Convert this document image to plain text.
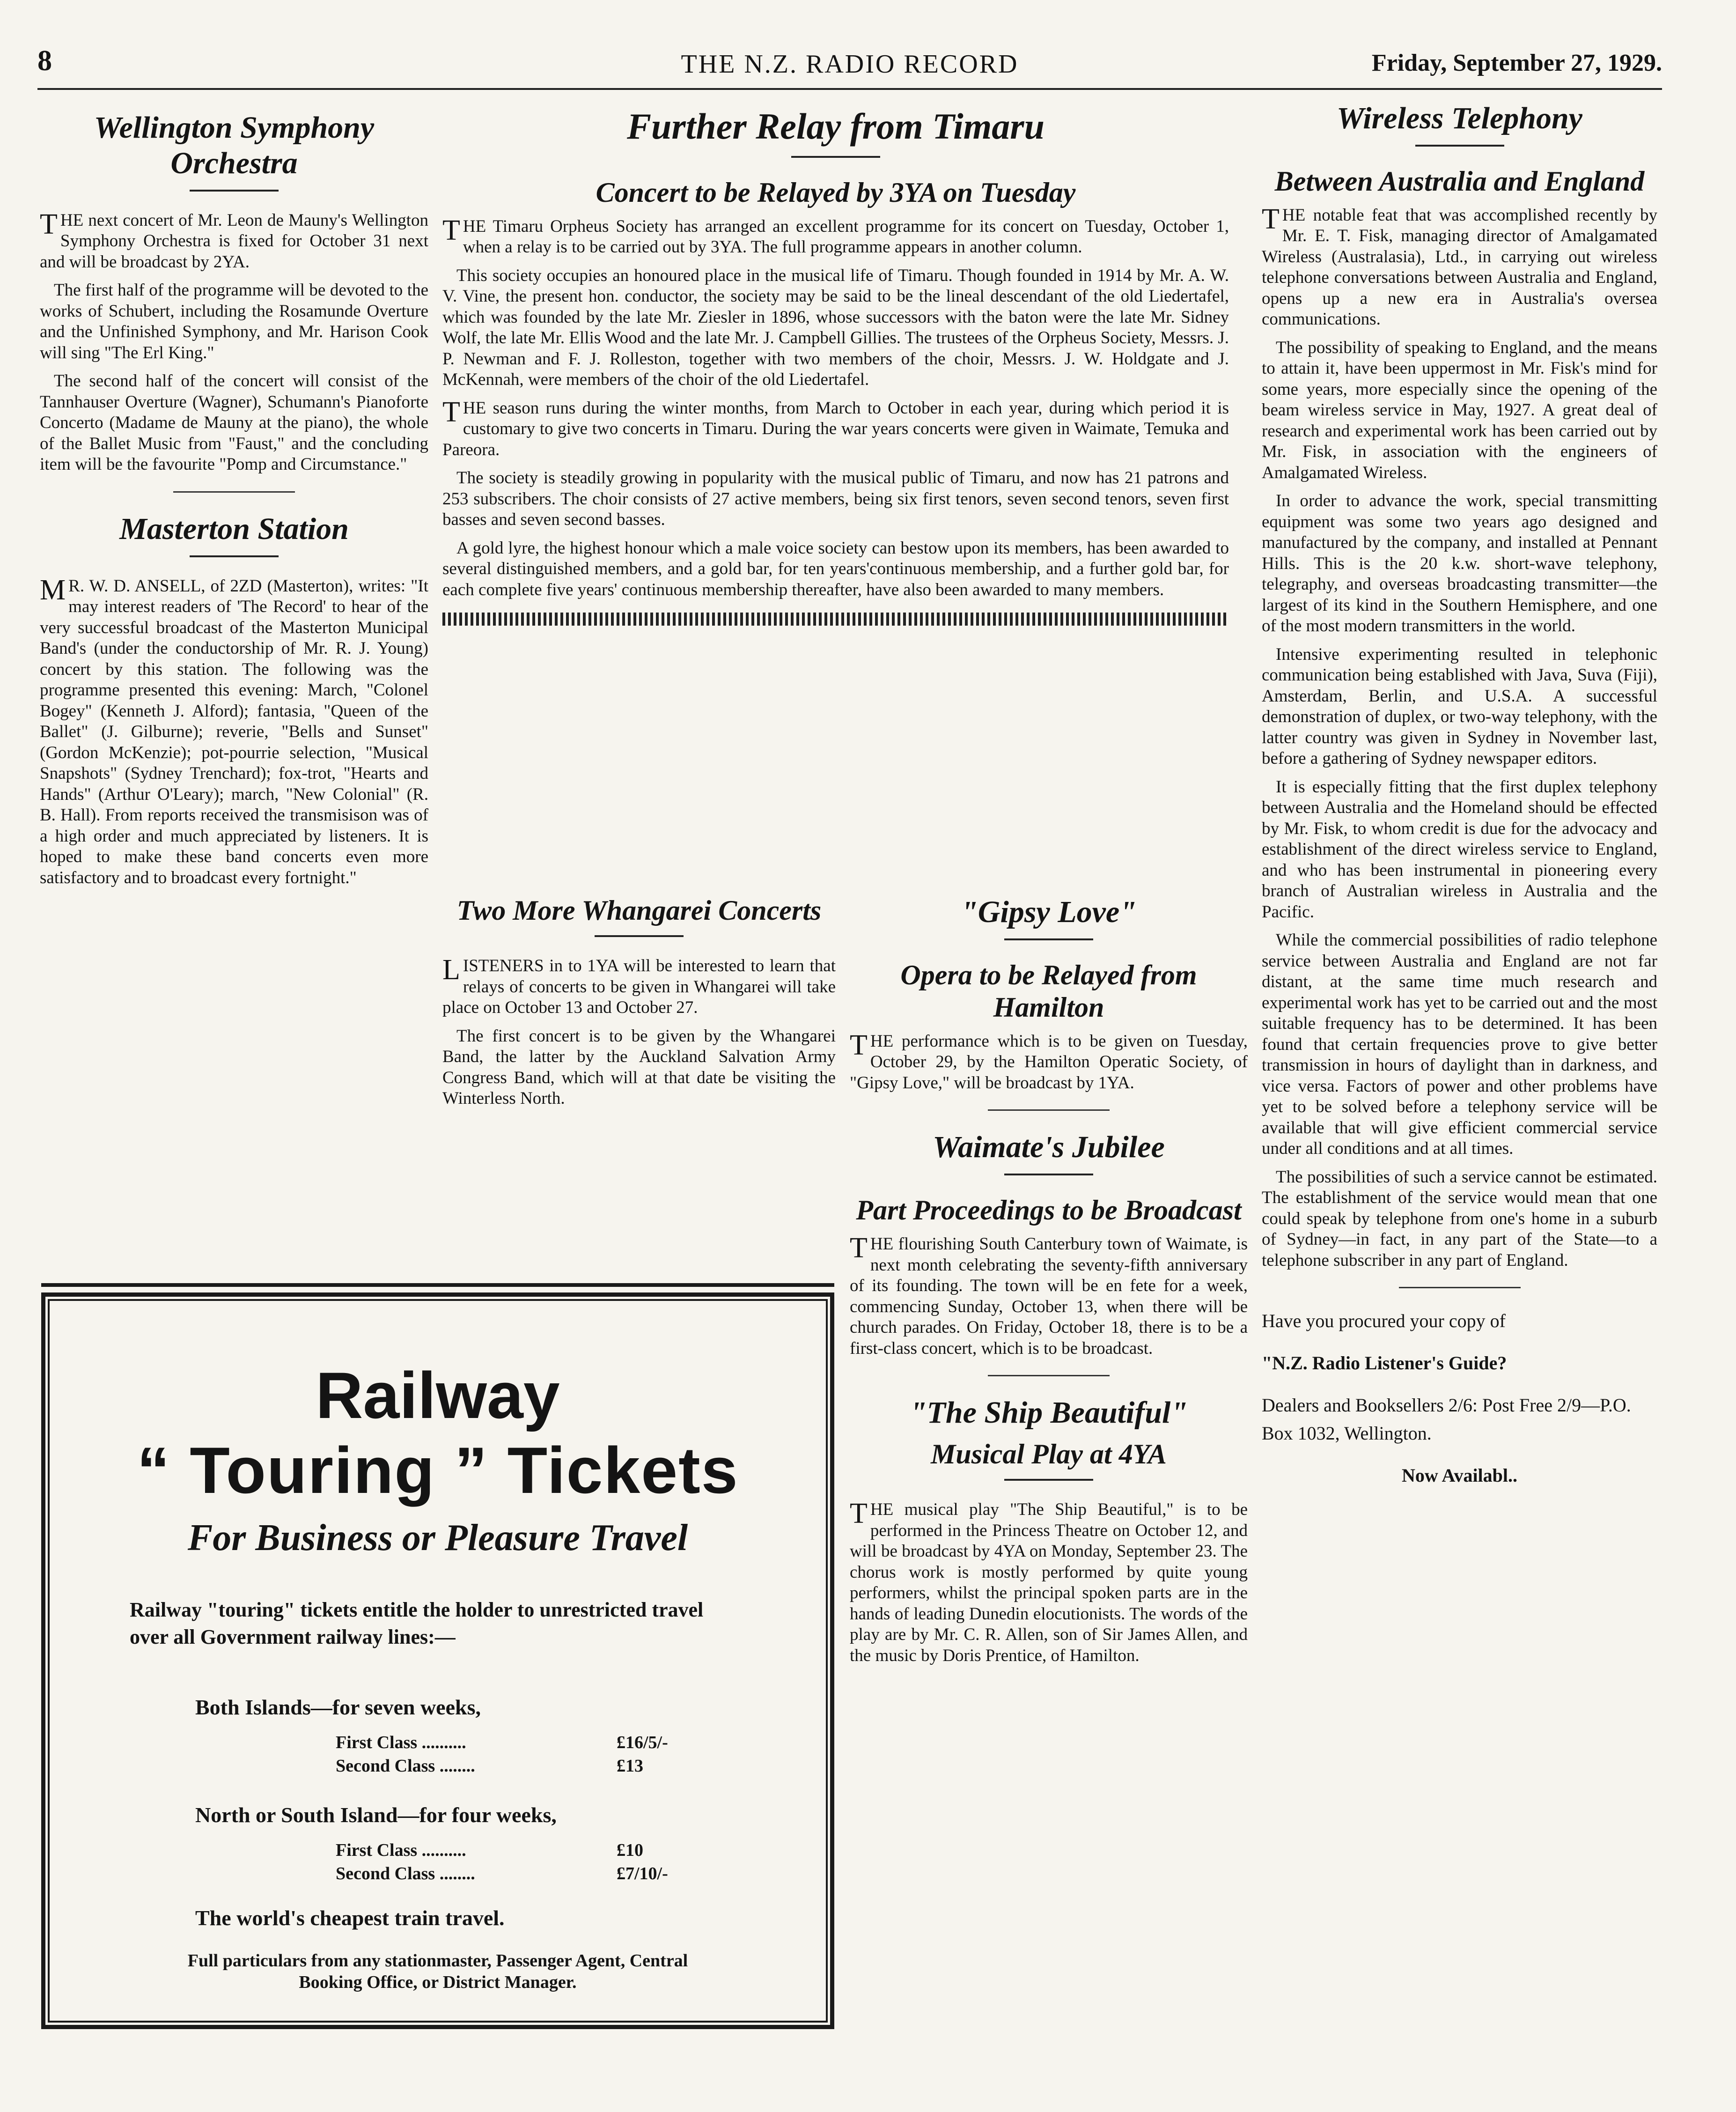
8	THE N.Z. RADIO RECORD	Friday, September 27, 1929.
Wellington Symphony Orchestra

THE next concert of Mr. Leon de Mauny's Wellington Symphony Orchestra is fixed for October 31 next and will be broadcast by 2YA.

The first half of the programme will be devoted to the works of Schubert, including the Rosamunde Overture and the Unfinished Symphony, and Mr. Harison Cook will sing "The Erl King."

The second half of the concert will consist of the Tannhauser Overture (Wagner), Schumann's Pianoforte Concerto (Madame de Mauny at the piano), the whole of the Ballet Music from "Faust," and the concluding item will be the favourite "Pomp and Circumstance."

Masterton Station

MR. W. D. ANSELL, of 2ZD (Masterton), writes: "It may interest readers of 'The Record' to hear of the very successful broadcast of the Masterton Municipal Band's (under the conductorship of Mr. R. J. Young) concert by this station. The following was the programme presented this evening: March, "Colonel Bogey" (Kenneth J. Alford); fantasia, "Queen of the Ballet" (J. Gilburne); reverie, "Bells and Sunset" (Gordon McKenzie); pot-pourrie selection, "Musical Snapshots" (Sydney Trenchard); fox-trot, "Hearts and Hands" (Arthur O'Leary); march, "New Colonial" (R. B. Hall). From reports received the transmisison was of a high order and much appreciated by listeners. It is hoped to make these band concerts even more satisfactory and to broadcast every fortnight."

Further Relay from Timaru
Concert to be Relayed by 3YA on Tuesday

THE Timaru Orpheus Society has arranged an excellent programme for its concert on Tuesday, October 1, when a relay is to be carried out by 3YA. The full programme appears in another column.

This society occupies an honoured place in the musical life of Timaru. Though founded in 1914 by Mr. A. W. V. Vine, the present hon. conductor, the society may be said to be the lineal descendant of the old Liedertafel, which was founded by the late Mr. Ziesler in 1896, whose successors with the baton were the late Mr. Sidney Wolf, the late Mr. Ellis Wood and the late Mr. J. Campbell Gillies. The trustees of the Orpheus Society, Messrs. J. P. Newman and F. J. Rolleston, together with two members of the choir, Messrs. J. W. Holdgate and J. McKennah, were members of the choir of the old Liedertafel.

THE season runs during the winter months, from March to October in each year, during which period it is customary to give two concerts in Timaru. During the war years concerts were given in Waimate, Temuka and Pareora.

The society is steadily growing in popularity with the musical public of Timaru, and now has 21 patrons and 253 subscribers. The choir consists of 27 active members, being six first tenors, seven second tenors, seven first basses and seven second basses.

A gold lyre, the highest honour which a male voice society can bestow upon its members, has been awarded to several distinguished members, and a gold bar, for ten years'continuous membership, and a further gold bar, for each complete five years' continuous membership thereafter, have also been awarded to many members.

Two More Whangarei Concerts

LISTENERS in to 1YA will be interested to learn that relays of concerts to be given in Whangarei will take place on October 13 and October 27.

The first concert is to be given by the Whangarei Band, the latter by the Auckland Salvation Army Congress Band, which will at that date be visiting the Winterless North.

"Gipsy Love"
Opera to be Relayed from Hamilton

THE performance which is to be given on Tuesday, October 29, by the Hamilton Operatic Society, of "Gipsy Love," will be broadcast by 1YA.

Waimate's Jubilee
Part Proceedings to be Broadcast

THE flourishing South Canterbury town of Waimate, is next month celebrating the seventy-fifth anniversary of its founding. The town will be en fete for a week, commencing Sunday, October 13, when there will be church parades. On Friday, October 18, there is to be a first-class concert, which is to be broadcast.

"The Ship Beautiful"
Musical Play at 4YA

THE musical play "The Ship Beautiful," is to be performed in the Princess Theatre on October 12, and will be broadcast by 4YA on Monday, September 23. The chorus work is mostly performed by quite young performers, whilst the principal spoken parts are in the hands of leading Dunedin elocutionists. The words of the play are by Mr. C. R. Allen, son of Sir James Allen, and the music by Doris Prentice, of Hamilton.

Wireless Telephony
Between Australia and England

THE notable feat that was accomplished recently by Mr. E. T. Fisk, managing director of Amalgamated Wireless (Australasia), Ltd., in carrying out wireless telephone conversations between Australia and England, opens up a new era in Australia's oversea communications.

The possibility of speaking to England, and the means to attain it, have been uppermost in Mr. Fisk's mind for some years, more especially since the opening of the beam wireless service in May, 1927. A great deal of research and experimental work has been carried out by Mr. Fisk, in association with the engineers of Amalgamated Wireless.

In order to advance the work, special transmitting equipment was some two years ago designed and manufactured by the company, and installed at Pennant Hills. This is the 20 k.w. short-wave telephony, telegraphy, and overseas broadcasting transmitter—the largest of its kind in the Southern Hemisphere, and one of the most modern transmitters in the world.

Intensive experimenting resulted in telephonic communication being established with Java, Suva (Fiji), Amsterdam, Berlin, and U.S.A. A successful demonstration of duplex, or two-way telephony, with the latter country was given in Sydney in November last, before a gathering of Sydney newspaper editors.

It is especially fitting that the first duplex telephony between Australia and the Homeland should be effected by Mr. Fisk, to whom credit is due for the advocacy and establishment of the direct wireless service to England, and who has been instrumental in pioneering every branch of Australian wireless in Australia and the Pacific.

While the commercial possibilities of radio telephone service between Australia and England are not far distant, at the same time much research and experimental work has yet to be carried out and the most suitable frequency has to be determined. It has been found that certain frequencies prove to give better transmission in hours of daylight than in darkness, and vice versa. Factors of power and other problems have yet to be solved before a telephony service will be available that will give efficient commercial service under all conditions and at all times.

The possibilities of such a service cannot be estimated. The establishment of the service would mean that one could speak by telephone from one's home in a suburb of Sydney—in fact, in any part of the State—to a telephone subscriber in any part of England.

Have you procured your copy of
"N.Z. Radio Listener's Guide?
Dealers and Booksellers 2/6: Post Free 2/9—P.O. Box 1032, Wellington.
Now Availabl..
Railway
“ Touring ” Tickets
For Business or Pleasure Travel
Railway "touring" tickets entitle the holder to unrestricted travel over all Government railway lines:—
Both Islands—for seven weeks,
First Class ..........	£16/5/-
Second Class ........	£13
North or South Island—for four weeks,
First Class ..........	£10
Second Class ........	£7/10/-
The world's cheapest train travel.
Full particulars from any stationmaster, Passenger Agent, Central Booking Office, or District Manager.
